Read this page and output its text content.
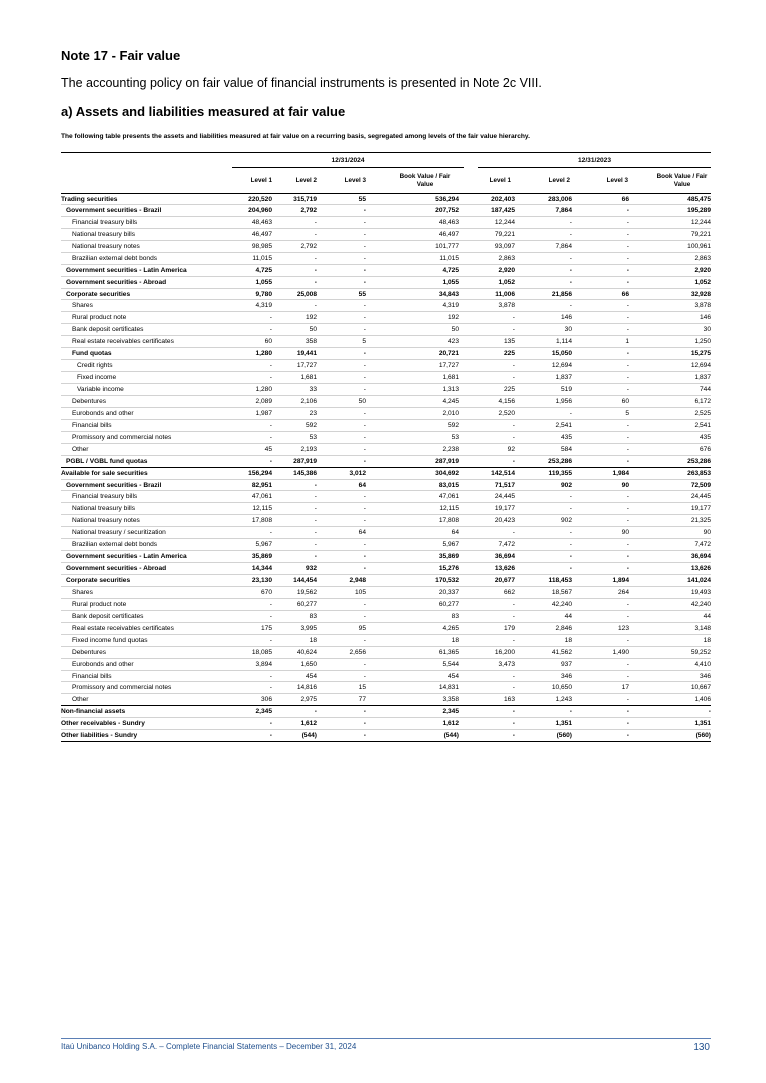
Note 17 - Fair value
The accounting policy on fair value of financial instruments is presented in Note 2c VIII.
a) Assets and liabilities measured at fair value
The following table presents the assets and liabilities measured at fair value on a recurring basis, segregated among levels of the fair value hierarchy.
12/31/2024	12/31/2023
Level 1	Level 2	Level 3
Book Value / Fair Value
Level 1	Level 2	Level 3
Book Value / Fair Value
Trading securities	220,520	315,719	55	536,294	202,403	283,006	66	485,475
Government securities - Brazil	204,960	2,792	-	207,752	187,425	7,864	-	195,289
Financial treasury bills	48,463	-	-	48,463	12,244	-	-	12,244
National treasury bills	46,497	-	-	46,497	79,221	-	-	79,221
National treasury notes	98,985	2,792	-	101,777	93,097	7,864	-	100,961
Brazilian external debt bonds	11,015	-	-	11,015	2,863	-	-	2,863
Government securities - Latin America	4,725	-	-	4,725	2,920	-	-	2,920
Government securities - Abroad	1,055	-	-	1,055	1,052	-	-	1,052
Corporate securities	9,780	25,008	55	34,843	11,006	21,856	66	32,928
Shares	4,319	-	-	4,319	3,878	-	-	3,878
Rural product note	-	192	-	192	-	146	-	146
Bank deposit certificates	-	50	-	50	-	30	-	30
Real estate receivables certificates	60	358	5	423	135	1,114	1	1,250
Fund quotas	1,280	19,441	-	20,721	225	15,050	-	15,275
Credit rights	-	17,727	-	17,727	-	12,694	-	12,694
Fixed income	-	1,681	-	1,681	-	1,837	-	1,837
Variable income	1,280	33	-	1,313	225	519	-	744
Debentures	2,089	2,106	50	4,245	4,156	1,956	60	6,172
Eurobonds and other	1,987	23	-	2,010	2,520	-	5	2,525
Financial bills	-	592	-	592	-	2,541	-	2,541
Promissory and commercial notes	-	53	-	53	-	435	-	435
Other	45	2,193	-	2,238	92	584	-	676
PGBL / VGBL fund quotas	-	287,919	-	287,919	-	253,286	-	253,286
Available for sale securities	156,294	145,386	3,012	304,692	142,514	119,355	1,984	263,853
Government securities - Brazil	82,951	-	64	83,015	71,517	902	90	72,509
Financial treasury bills	47,061	-	-	47,061	24,445	-	-	24,445
National treasury bills	12,115	-	-	12,115	19,177	-	-	19,177
National treasury notes	17,808	-	-	17,808	20,423	902	-	21,325
National treasury / securitization	-	-	64	64	-	-	90	90
Brazilian external debt bonds	5,967	-	-	5,967	7,472	-	-	7,472
Government securities - Latin America	35,869	-	-	35,869	36,694	-	-	36,694
Government securities - Abroad	14,344	932	-	15,276	13,626	-	-	13,626
Corporate securities	23,130	144,454	2,948	170,532	20,677	118,453	1,894	141,024
Shares	670	19,562	105	20,337	662	18,567	264	19,493
Rural product note	-	60,277	-	60,277	-	42,240	-	42,240
Bank deposit certificates	-	83	-	83	-	44	-	44
Real estate receivables certificates	175	3,995	95	4,265	179	2,846	123	3,148
Fixed income fund quotas	-	18	-	18	-	18	-	18
Debentures	18,085	40,624	2,656	61,365	16,200	41,562	1,490	59,252
Eurobonds and other	3,894	1,650	-	5,544	3,473	937	-	4,410
Financial bills	-	454	-	454	-	346	-	346
Promissory and commercial notes	-	14,816	15	14,831	-	10,650	17	10,667
Other	306	2,975	77	3,358	163	1,243	-	1,406
Non-financial assets	2,345	-	-	2,345	-	-	-	-
Other receivables - Sundry	-	1,612	-	1,612	-	1,351	-	1,351
Other liabilities - Sundry	-	(544)	-	(544)	-	(560)	-	(560)
Itaú Unibanco Holding S.A. – Complete Financial Statements – December 31, 2024	130
